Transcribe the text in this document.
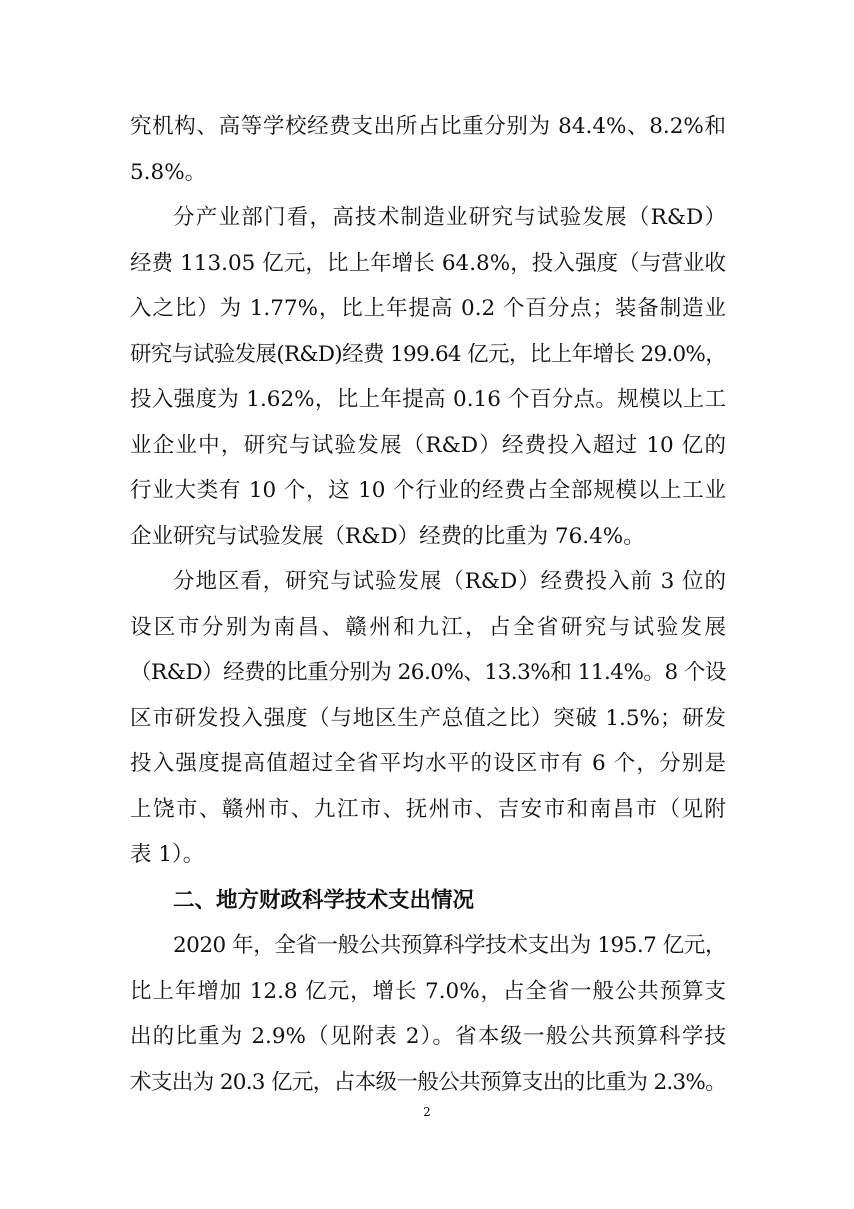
究机构、高等学校经费支出所占比重分别为 84.4%、8.2%和
5.8%。
分产业部门看，高技术制造业研究与试验发展（R&D）
经费 113.05 亿元，比上年增长 64.8%，投入强度（与营业收
入之比）为 1.77%，比上年提高 0.2 个百分点；装备制造业
研究与试验发展(R&D)经费 199.64 亿元，比上年增长 29.0%，
投入强度为 1.62%，比上年提高 0.16 个百分点。规模以上工
业企业中，研究与试验发展（R&D）经费投入超过 10 亿的
行业大类有 10 个，这 10 个行业的经费占全部规模以上工业
企业研究与试验发展（R&D）经费的比重为 76.4%。
分地区看，研究与试验发展（R&D）经费投入前 3 位的
设区市分别为南昌、赣州和九江，占全省研究与试验发展
（R&D）经费的比重分别为 26.0%、13.3%和 11.4%。8 个设
区市研发投入强度（与地区生产总值之比）突破 1.5%；研发
投入强度提高值超过全省平均水平的设区市有 6 个，分别是
上饶市、赣州市、九江市、抚州市、吉安市和南昌市（见附
表 1）。
二、地方财政科学技术支出情况
2020 年，全省一般公共预算科学技术支出为 195.7 亿元，
比上年增加 12.8 亿元，增长 7.0%，占全省一般公共预算支
出的比重为 2.9%（见附表 2）。省本级一般公共预算科学技
术支出为 20.3 亿元，占本级一般公共预算支出的比重为 2.3%。
2
